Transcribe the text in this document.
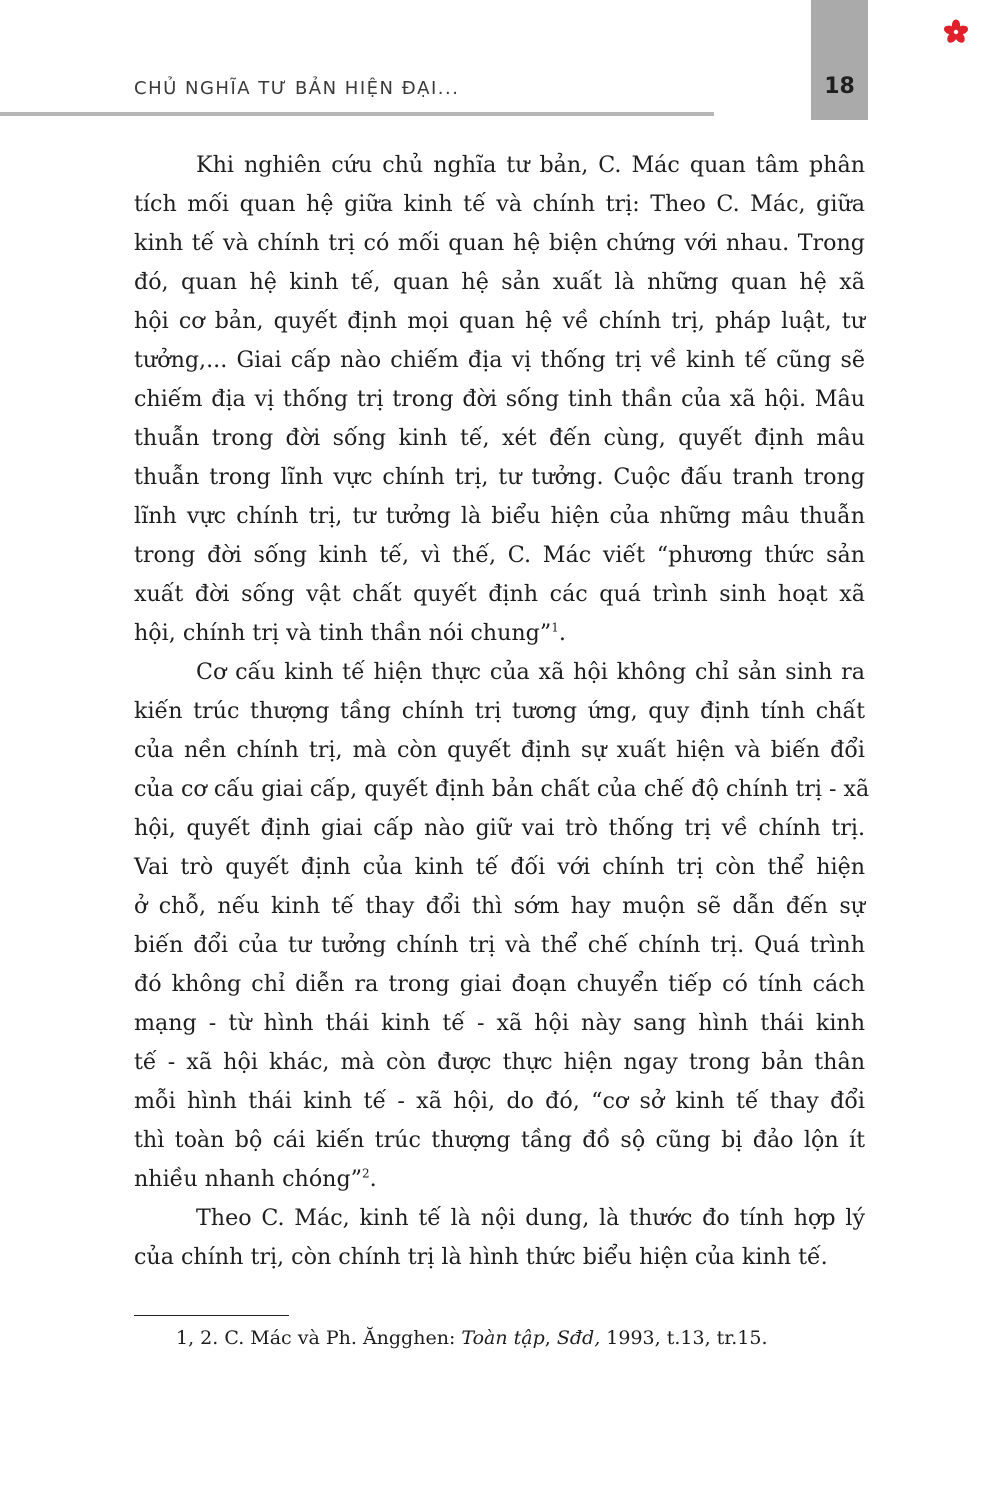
18
CHỦ NGHĨA TƯ BẢN HIỆN ĐẠI...
Khi nghiên cứu chủ nghĩa tư bản, C. Mác quan tâm phân
tích mối quan hệ giữa kinh tế và chính trị: Theo C. Mác, giữa
kinh tế và chính trị có mối quan hệ biện chứng với nhau. Trong
đó, quan hệ kinh tế, quan hệ sản xuất là những quan hệ xã
hội cơ bản, quyết định mọi quan hệ về chính trị, pháp luật, tư
tưởng,... Giai cấp nào chiếm địa vị thống trị về kinh tế cũng sẽ
chiếm địa vị thống trị trong đời sống tinh thần của xã hội. Mâu
thuẫn trong đời sống kinh tế, xét đến cùng, quyết định mâu
thuẫn trong lĩnh vực chính trị, tư tưởng. Cuộc đấu tranh trong
lĩnh vực chính trị, tư tưởng là biểu hiện của những mâu thuẫn
trong đời sống kinh tế, vì thế, C. Mác viết “phương thức sản
xuất đời sống vật chất quyết định các quá trình sinh hoạt xã
hội, chính trị và tinh thần nói chung”$^1$.
Cơ cấu kinh tế hiện thực của xã hội không chỉ sản sinh ra
kiến trúc thượng tầng chính trị tương ứng, quy định tính chất
của nền chính trị, mà còn quyết định sự xuất hiện và biến đổi
của cơ cấu giai cấp, quyết định bản chất của chế độ chính trị - xã
hội, quyết định giai cấp nào giữ vai trò thống trị về chính trị.
Vai trò quyết định của kinh tế đối với chính trị còn thể hiện
ở chỗ, nếu kinh tế thay đổi thì sớm hay muộn sẽ dẫn đến sự
biến đổi của tư tưởng chính trị và thể chế chính trị. Quá trình
đó không chỉ diễn ra trong giai đoạn chuyển tiếp có tính cách
mạng - từ hình thái kinh tế - xã hội này sang hình thái kinh
tế - xã hội khác, mà còn được thực hiện ngay trong bản thân
mỗi hình thái kinh tế - xã hội, do đó, “cơ sở kinh tế thay đổi
thì toàn bộ cái kiến trúc thượng tầng đồ sộ cũng bị đảo lộn ít
nhiều nhanh chóng”$^2$.
Theo C. Mác, kinh tế là nội dung, là thước đo tính hợp lý
của chính trị, còn chính trị là hình thức biểu hiện của kinh tế.
1, 2. C. Mác và Ph. Ăngghen: Toàn tập, Sđd, 1993, t.13, tr.15.
